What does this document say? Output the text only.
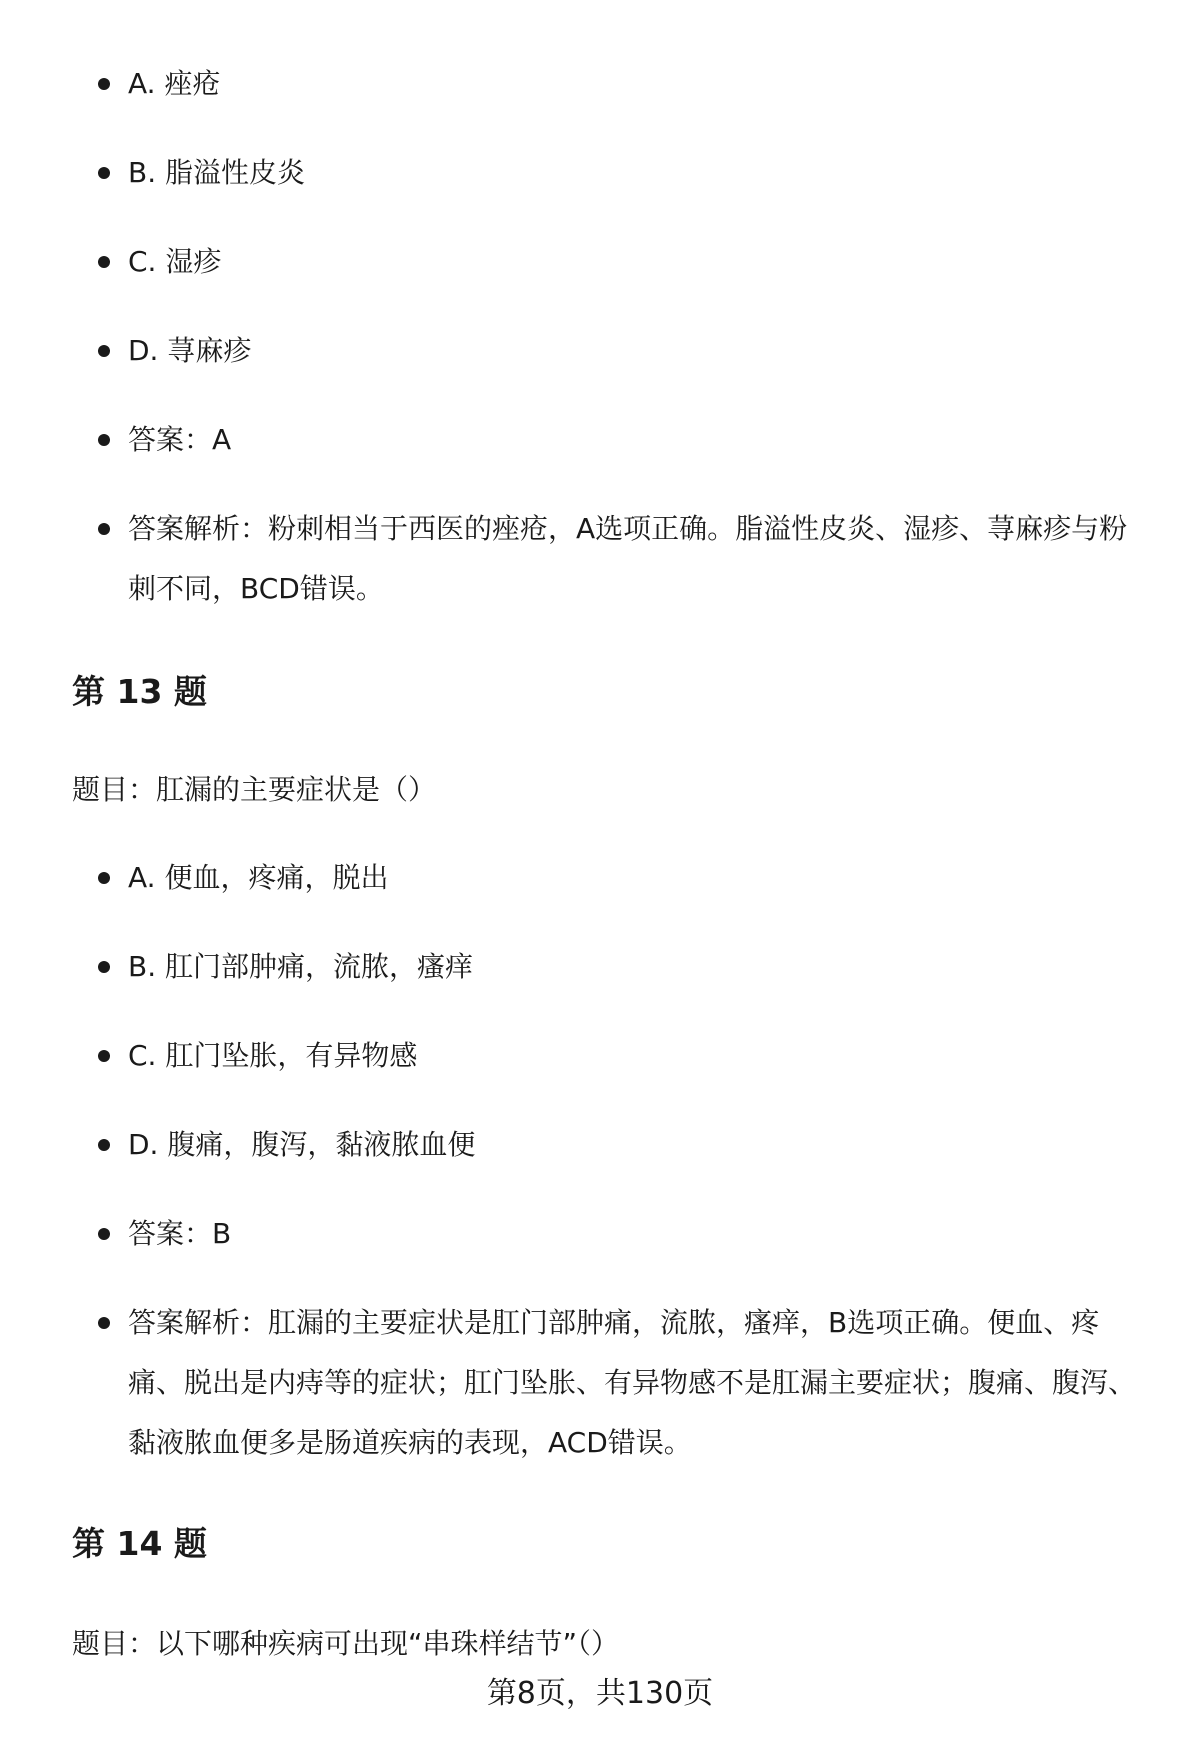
A. 痤疮
B. 脂溢性皮炎
C. 湿疹
D. 荨麻疹
答案：A
答案解析：粉刺相当于西医的痤疮，A选项正确。脂溢性皮炎、湿疹、荨麻疹与粉刺不同，BCD错误。
第 13 题
题目：肛漏的主要症状是（）
A. 便血，疼痛，脱出
B. 肛门部肿痛，流脓，瘙痒
C. 肛门坠胀，有异物感
D. 腹痛，腹泻，黏液脓血便
答案：B
答案解析：肛漏的主要症状是肛门部肿痛，流脓，瘙痒，B选项正确。便血、疼痛、脱出是内痔等的症状；肛门坠胀、有异物感不是肛漏主要症状；腹痛、腹泻、黏液脓血便多是肠道疾病的表现，ACD错误。
第 14 题
题目：以下哪种疾病可出现“串珠样结节”（）
第8页，共130页
